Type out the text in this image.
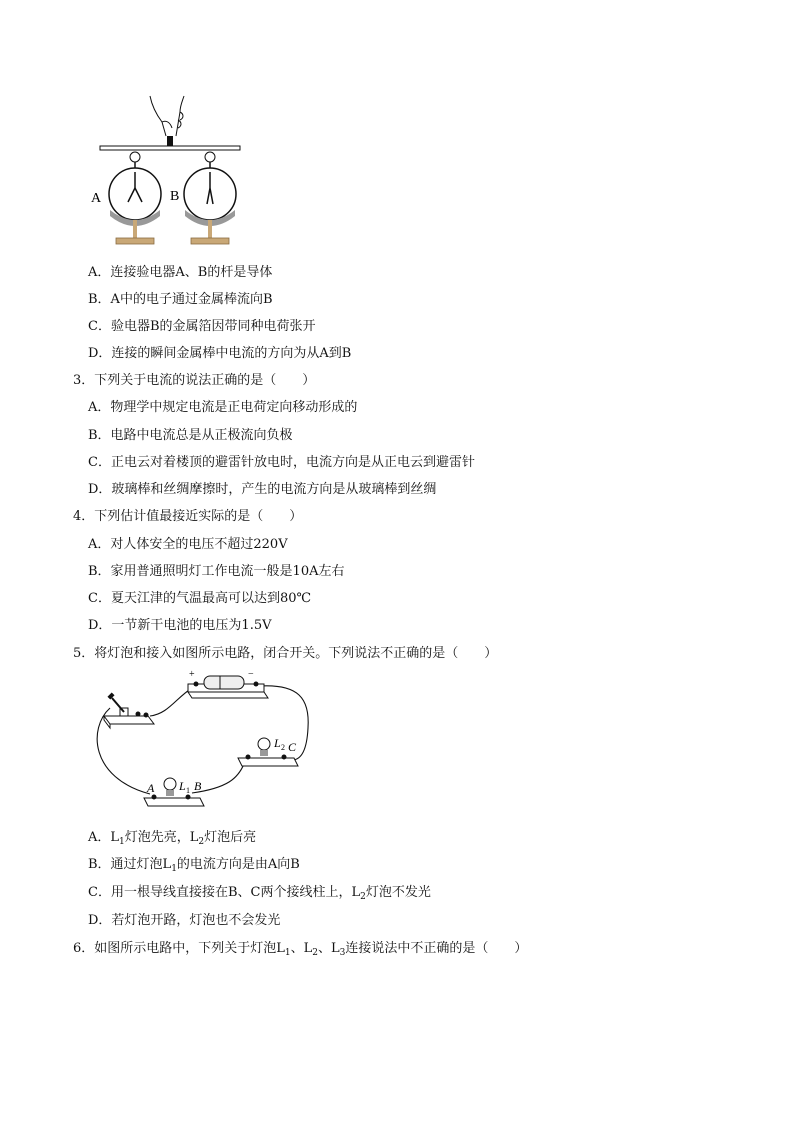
A	B
A．连接验电器A、B的杆是导体
B．A中的电子通过金属棒流向B
C．验电器B的金属箔因带同种电荷张开
D．连接的瞬间金属棒中电流的方向为从A到B
3．下列关于电流的说法正确的是（　　）
A．物理学中规定电流是正电荷定向移动形成的
B．电路中电流总是从正极流向负极
C．正电云对着楼顶的避雷针放电时，电流方向是从正电云到避雷针
D．玻璃棒和丝绸摩擦时，产生的电流方向是从玻璃棒到丝绸
4．下列估计值最接近实际的是（　　）
A．对人体安全的电压不超过220V
B．家用普通照明灯工作电流一般是10A左右
C．夏天江津的气温最高可以达到80℃
D．一节新干电池的电压为1.5V
5．将灯泡和接入如图所示电路，闭合开关。下列说法不正确的是（　　）
+	−
L 2 C
A L 1 B
A．$L_1$灯泡先亮，$L_2$灯泡后亮
B．通过灯泡$L_1$的电流方向是由A向B
C．用一根导线直接接在B、C两个接线柱上，$L_2$灯泡不发光
D．若灯泡开路，灯泡也不会发光
6．如图所示电路中，下列关于灯泡$L_1$、$L_2$、$L_3$连接说法中不正确的是（　　）
